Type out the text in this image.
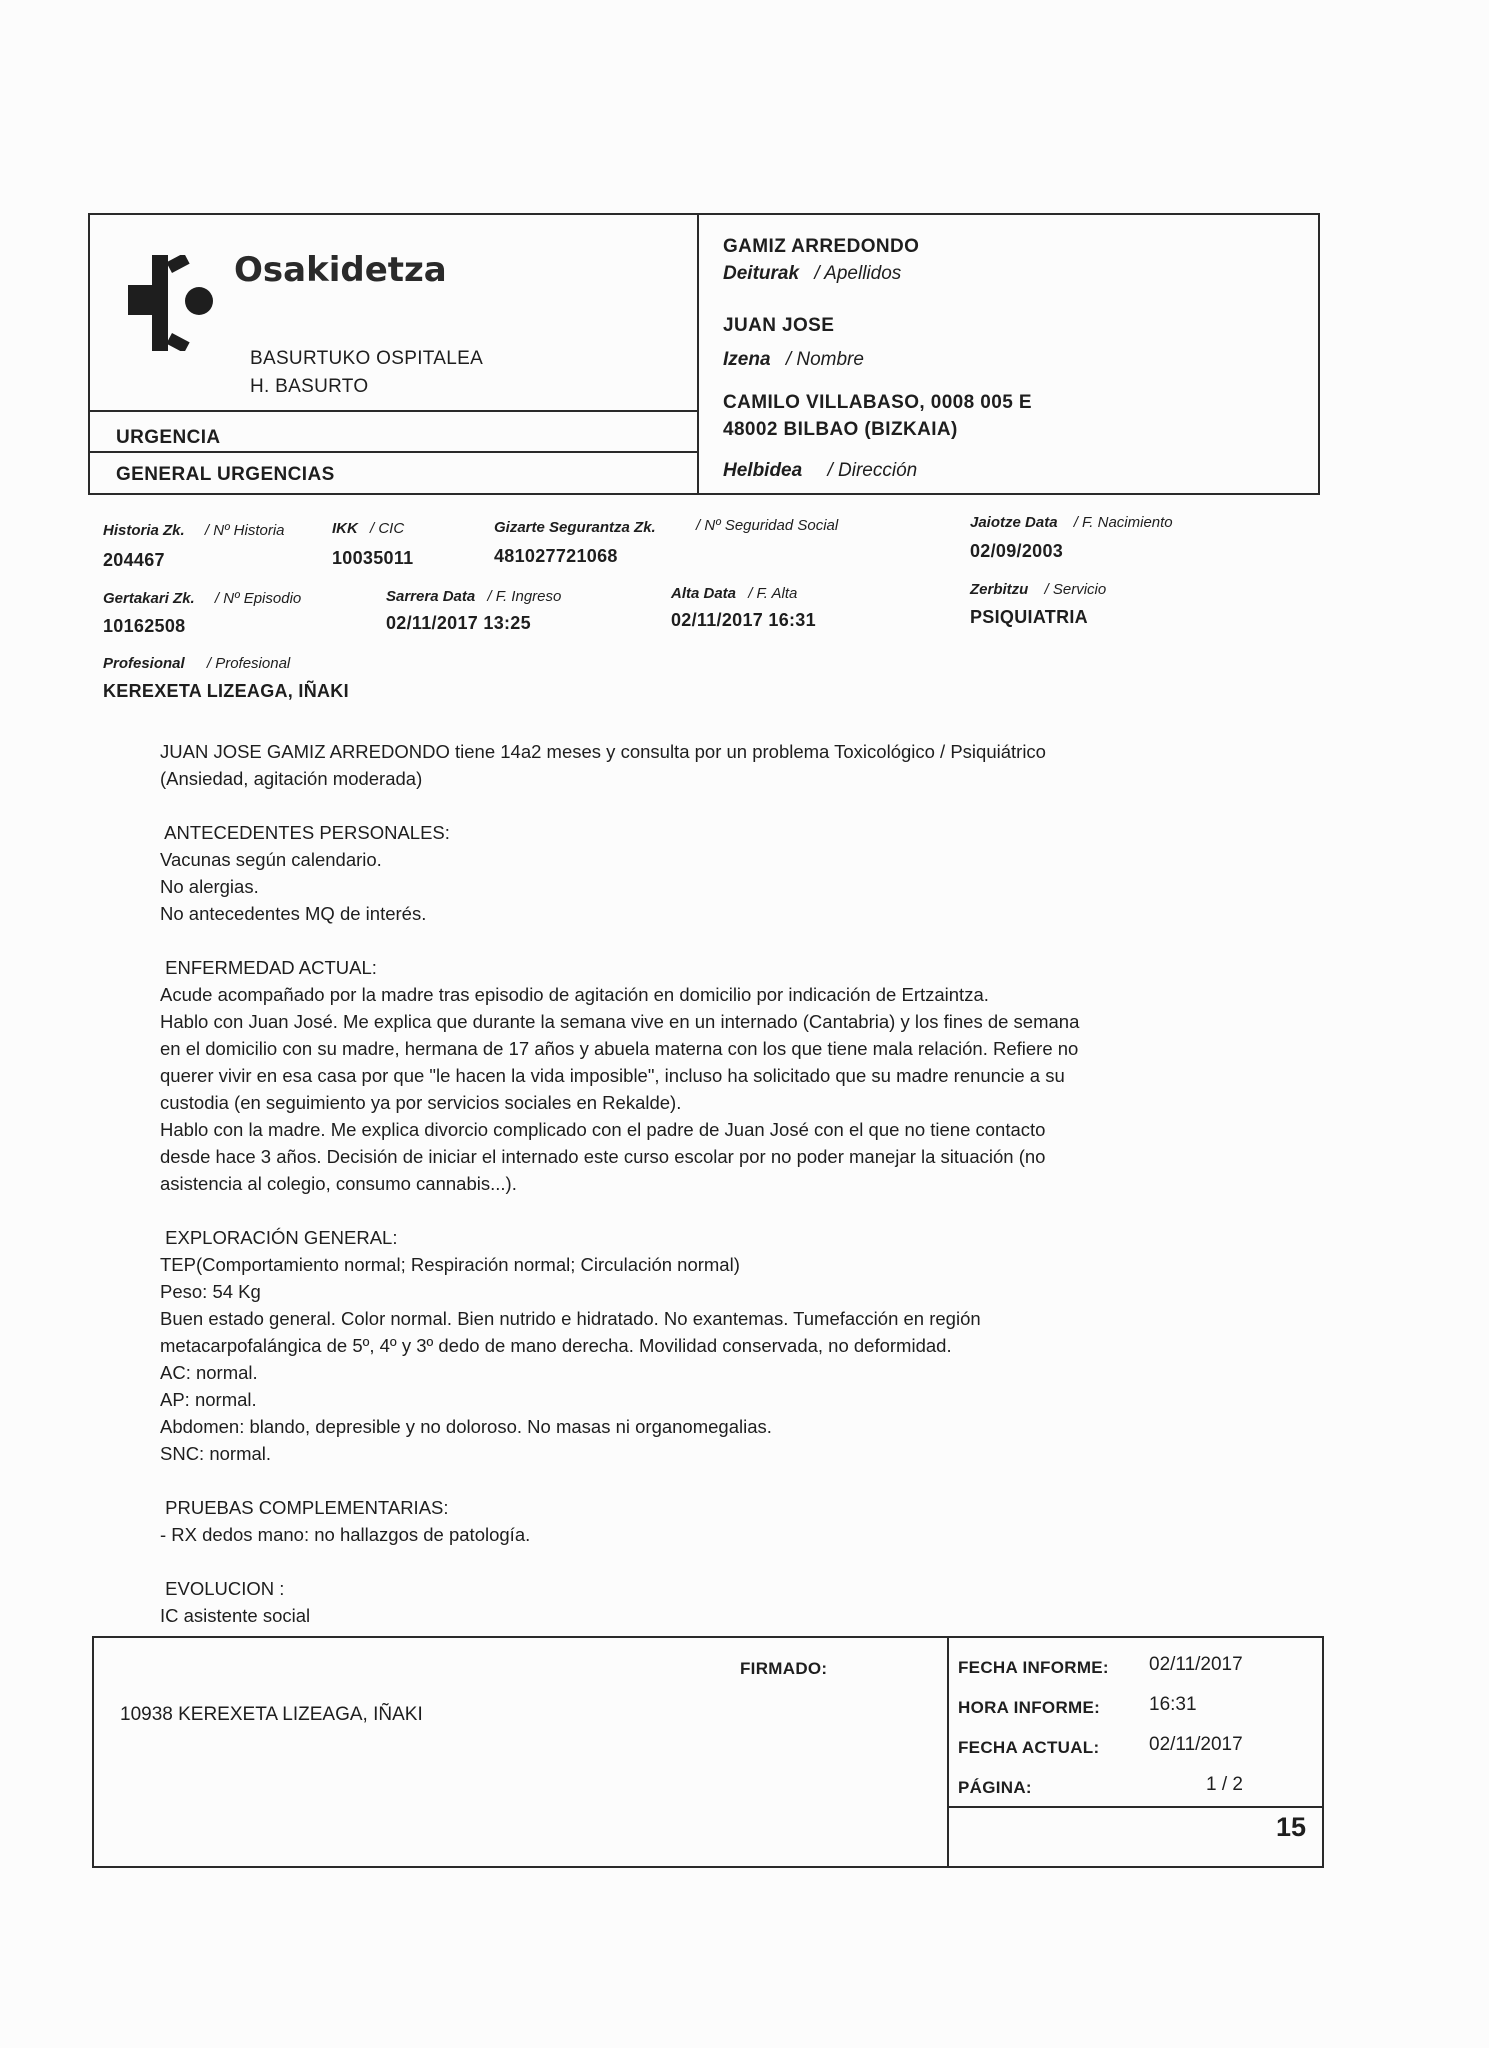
Osakidetza
BASURTUKO OSPITALEA
H. BASURTO
URGENCIA
GENERAL URGENCIAS
GAMIZ ARREDONDO
Deiturak / Apellidos
JUAN JOSE
Izena / Nombre
CAMILO VILLABASO, 0008 005 E
48002 BILBAO (BIZKAIA)
Helbidea / Dirección
Historia Zk. / Nº Historia
204467
IKK / CIC
10035011
Gizarte Segurantza Zk.	/ Nº Seguridad Social
481027721068
Jaiotze Data / F. Nacimiento
02/09/2003
Gertakari Zk. / Nº Episodio
10162508
Sarrera Data / F. Ingreso
02/11/2017 13:25
Alta Data / F. Alta
02/11/2017 16:31
Zerbitzu / Servicio
PSIQUIATRIA
Profesional / Profesional
KEREXETA LIZEAGA, IÑAKI
JUAN JOSE GAMIZ ARREDONDO tiene 14a2 meses y consulta por un problema Toxicológico / Psiquiátrico
(Ansiedad, agitación moderada)
ANTECEDENTES PERSONALES:
Vacunas según calendario.
No alergias.
No antecedentes MQ de interés.
ENFERMEDAD ACTUAL:
Acude acompañado por la madre tras episodio de agitación en domicilio por indicación de Ertzaintza.
Hablo con Juan José. Me explica que durante la semana vive en un internado (Cantabria) y los fines de semana
en el domicilio con su madre, hermana de 17 años y abuela materna con los que tiene mala relación. Refiere no
querer vivir en esa casa por que "le hacen la vida imposible", incluso ha solicitado que su madre renuncie a su
custodia (en seguimiento ya por servicios sociales en Rekalde).
Hablo con la madre. Me explica divorcio complicado con el padre de Juan José con el que no tiene contacto
desde hace 3 años. Decisión de iniciar el internado este curso escolar por no poder manejar la situación (no
asistencia al colegio, consumo cannabis...).
EXPLORACIÓN GENERAL:
TEP(Comportamiento normal; Respiración normal; Circulación normal)
Peso: 54 Kg
Buen estado general. Color normal. Bien nutrido e hidratado. No exantemas. Tumefacción en región
metacarpofalángica de 5º, 4º y 3º dedo de mano derecha. Movilidad conservada, no deformidad.
AC: normal.
AP: normal.
Abdomen: blando, depresible y no doloroso. No masas ni organomegalias.
SNC: normal.
PRUEBAS COMPLEMENTARIAS:
- RX dedos mano: no hallazgos de patología.
EVOLUCION :
IC asistente social
FIRMADO:
10938 KEREXETA LIZEAGA, IÑAKI
FECHA INFORME: 02/11/2017
HORA INFORME:	16:31
FECHA ACTUAL:	02/11/2017
PÁGINA:	1 / 2
15
